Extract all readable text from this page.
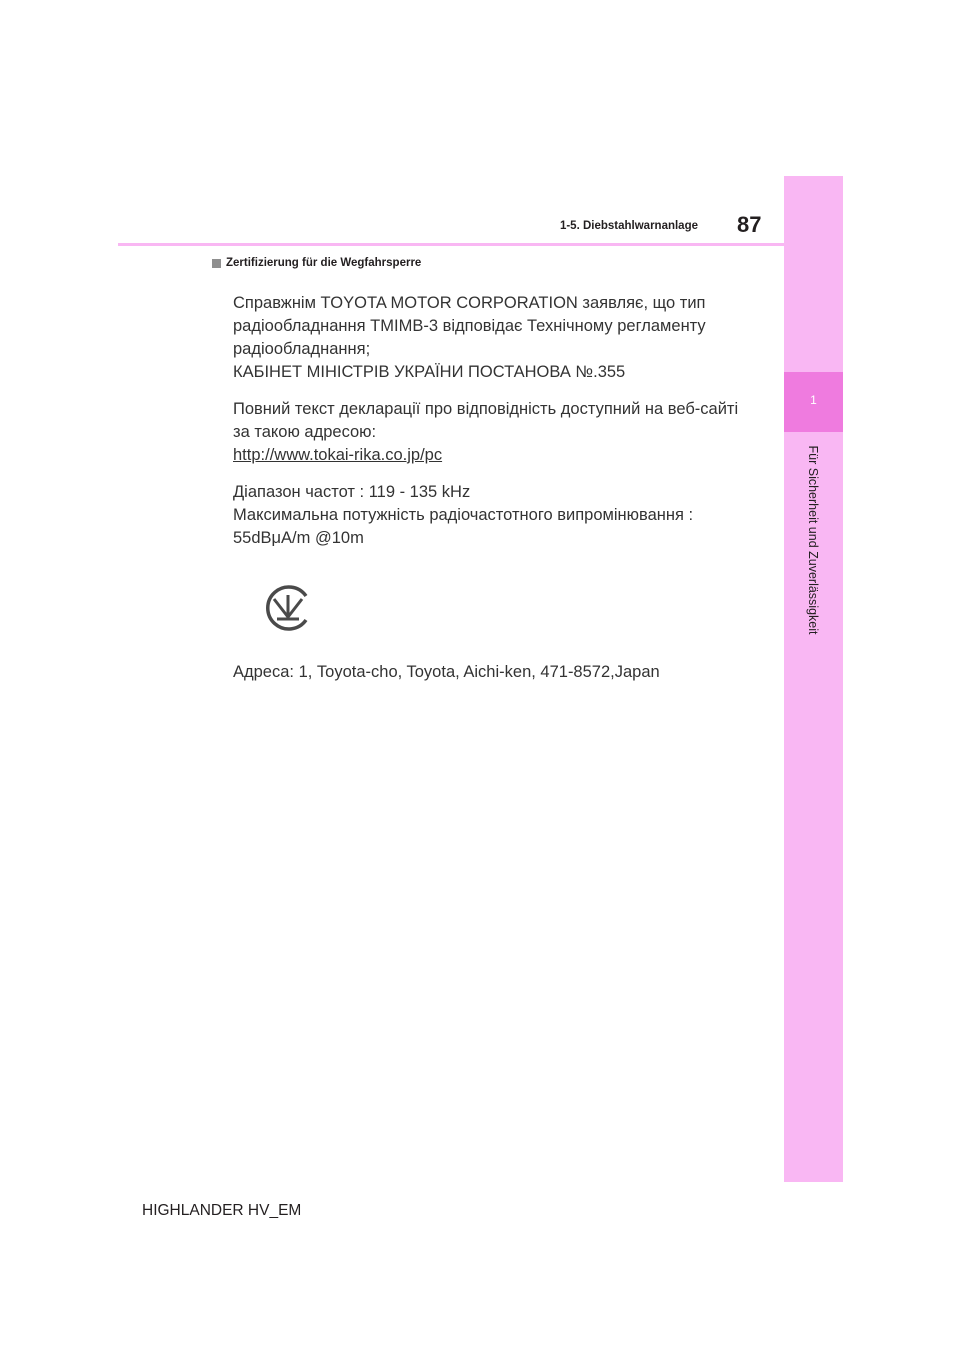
1
Für Sicherheit und Zuverlässigkeit
87
1-5. Diebstahlwarnanlage
Zertifizierung für die Wegfahrsperre

Справжнім TOYOTA MOTOR CORPORATION заявляє, що тип

радіообладнання TMIMB-3 відповідає Технічному регламенту

радіообладнання;

КАБІНЕТ МІНІСТРІВ УКРАЇНИ ПОСТАНОВА №.355

Повний текст декларації про відповідність доступний на веб-сайті

за такою адресою:

http://www.tokai-rika.co.jp/pc

Діапазон частот : 119 - 135 kHz

Максимальна потужність радіочастотного випромінювання :

55dBμA/m @10m

Адреса: 1, Toyota-cho, Toyota, Aichi-ken, 471-8572,Japan

HIGHLANDER HV_EM
